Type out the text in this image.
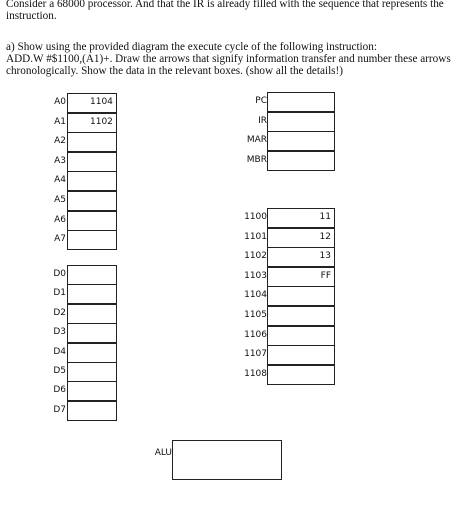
Consider a 68000 processor. And that the IR is already filled with the sequence that represents the
instruction.
a) Show using the provided diagram the execute cycle of the following instruction:
ADD.W #$1100,(A1)+. Draw the arrows that signify information transfer and number these arrows
chronologically. Show the data in the relevant boxes. (show all the details!)
A0	1104
A1	1102
A2
A3
A4
A5
A6
A7
D0
D1
D2
D3
D4
D5
D6
D7
PC
IR
MAR
MBR
1100	11
1101	12
1102	13
1103	FF
1104
1105
1106
1107
1108
ALU
